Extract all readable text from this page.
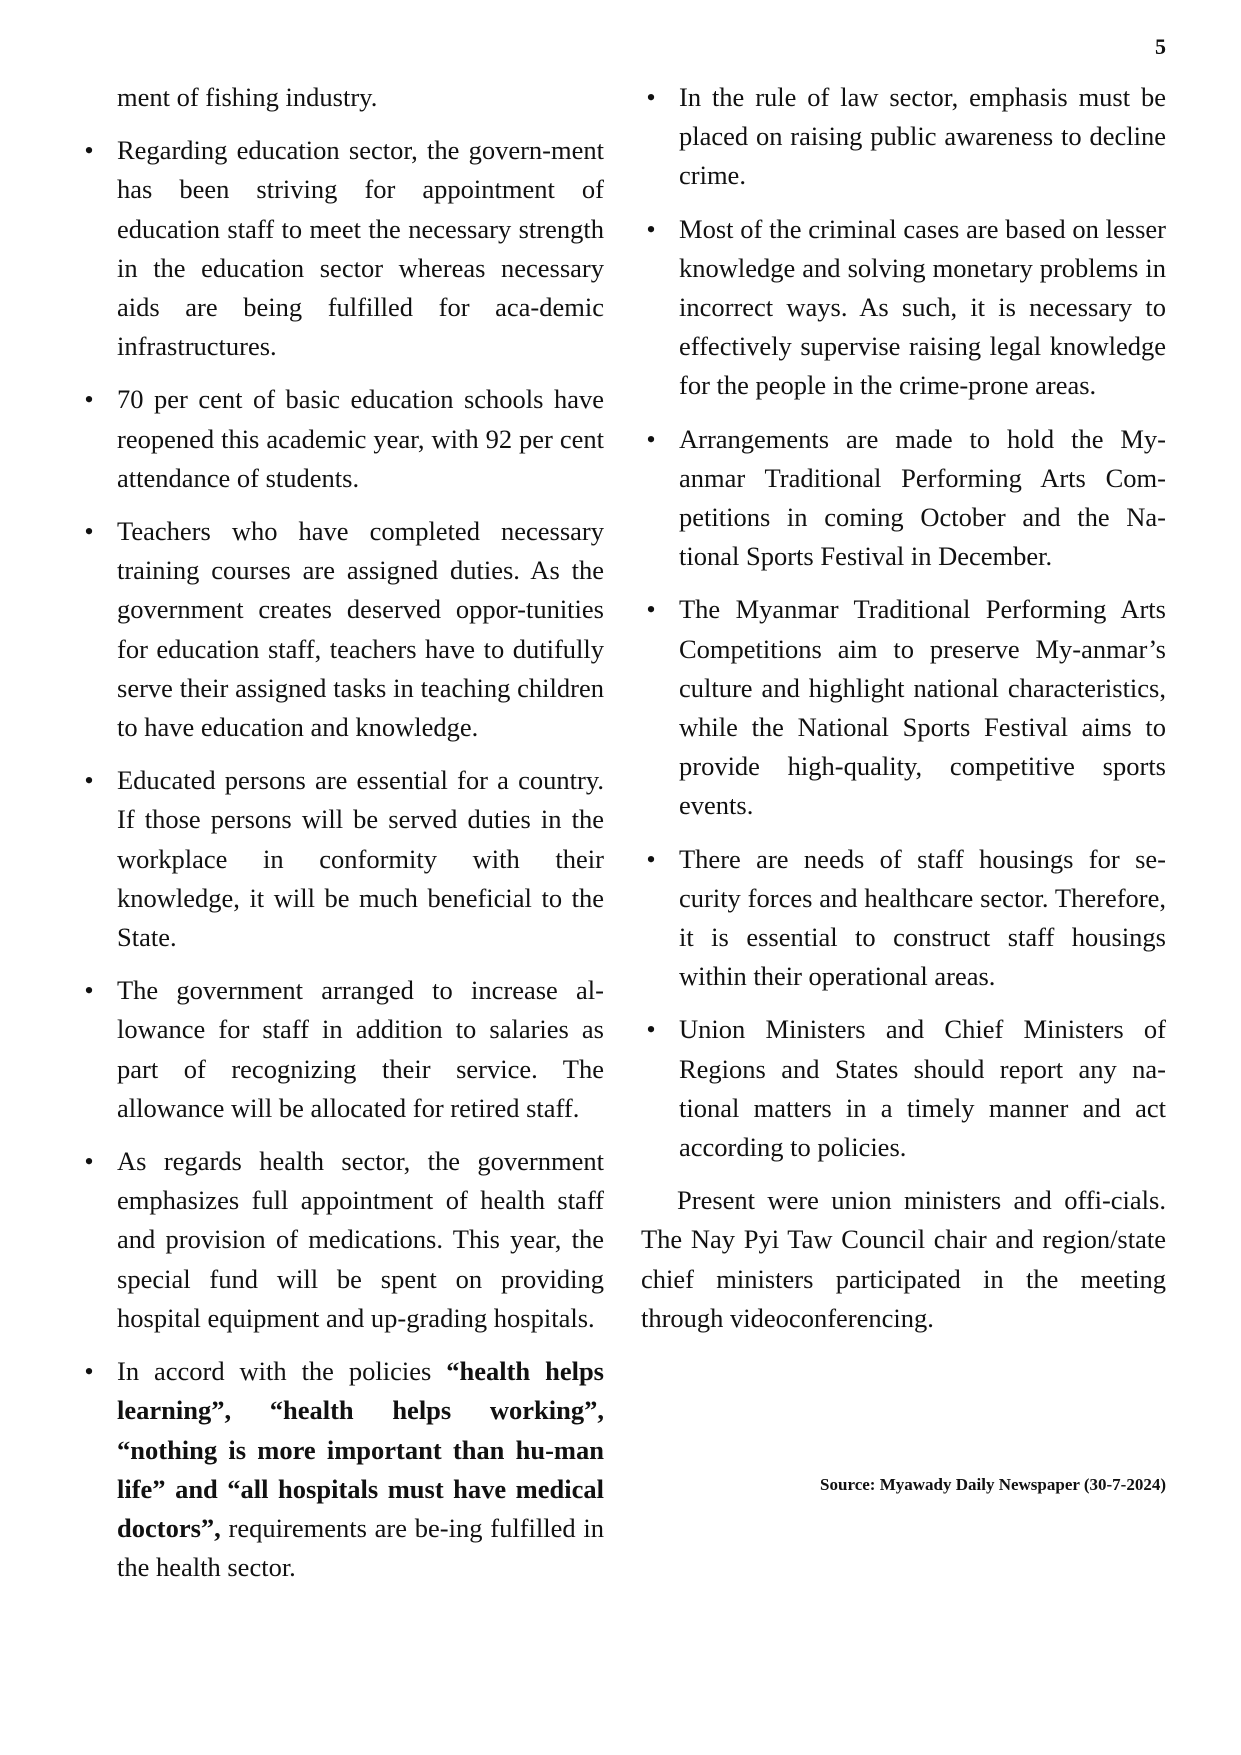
5

ment of fishing industry.

• Regarding education sector, the govern-ment has been striving for appointment of education staff to meet the necessary strength in the education sector whereas necessary aids are being fulfilled for aca-demic infrastructures.
• 70 per cent of basic education schools have reopened this academic year, with 92 per cent attendance of students.
• Teachers who have completed necessary training courses are assigned duties. As the government creates deserved oppor-tunities for education staff, teachers have to dutifully serve their assigned tasks in teaching children to have education and knowledge.
• Educated persons are essential for a country. If those persons will be served duties in the workplace in conformity with their knowledge, it will be much beneficial to the State.
• The government arranged to increase al-lowance for staff in addition to salaries as part of recognizing their service. The allowance will be allocated for retired staff.
• As regards health sector, the government emphasizes full appointment of health staff and provision of medications. This year, the special fund will be spent on providing hospital equipment and up-grading hospitals.
• In accord with the policies “health helps learning”, “health helps working”, “nothing is more important than hu-man life” and “all hospitals must have medical doctors”, requirements are be-ing fulfilled in the health sector.
• In the rule of law sector, emphasis must be placed on raising public awareness to decline crime.
• Most of the criminal cases are based on lesser knowledge and solving monetary problems in incorrect ways. As such, it is necessary to effectively supervise raising legal knowledge for the people in the crime-prone areas.
• Arrangements are made to hold the My-anmar Traditional Performing Arts Com-petitions in coming October and the Na-tional Sports Festival in December.
• The Myanmar Traditional Performing Arts Competitions aim to preserve My-anmar’s culture and highlight national characteristics, while the National Sports Festival aims to provide high-quality, competitive sports events.
• There are needs of staff housings for se-curity forces and healthcare sector. Therefore, it is essential to construct staff housings within their operational areas.
• Union Ministers and Chief Ministers of Regions and States should report any na-tional matters in a timely manner and act according to policies.

Present were union ministers and offi-cials. The Nay Pyi Taw Council chair and region/state chief ministers participated in the meeting through videoconferencing.

Source: Myawady Daily Newspaper (30-7-2024)
